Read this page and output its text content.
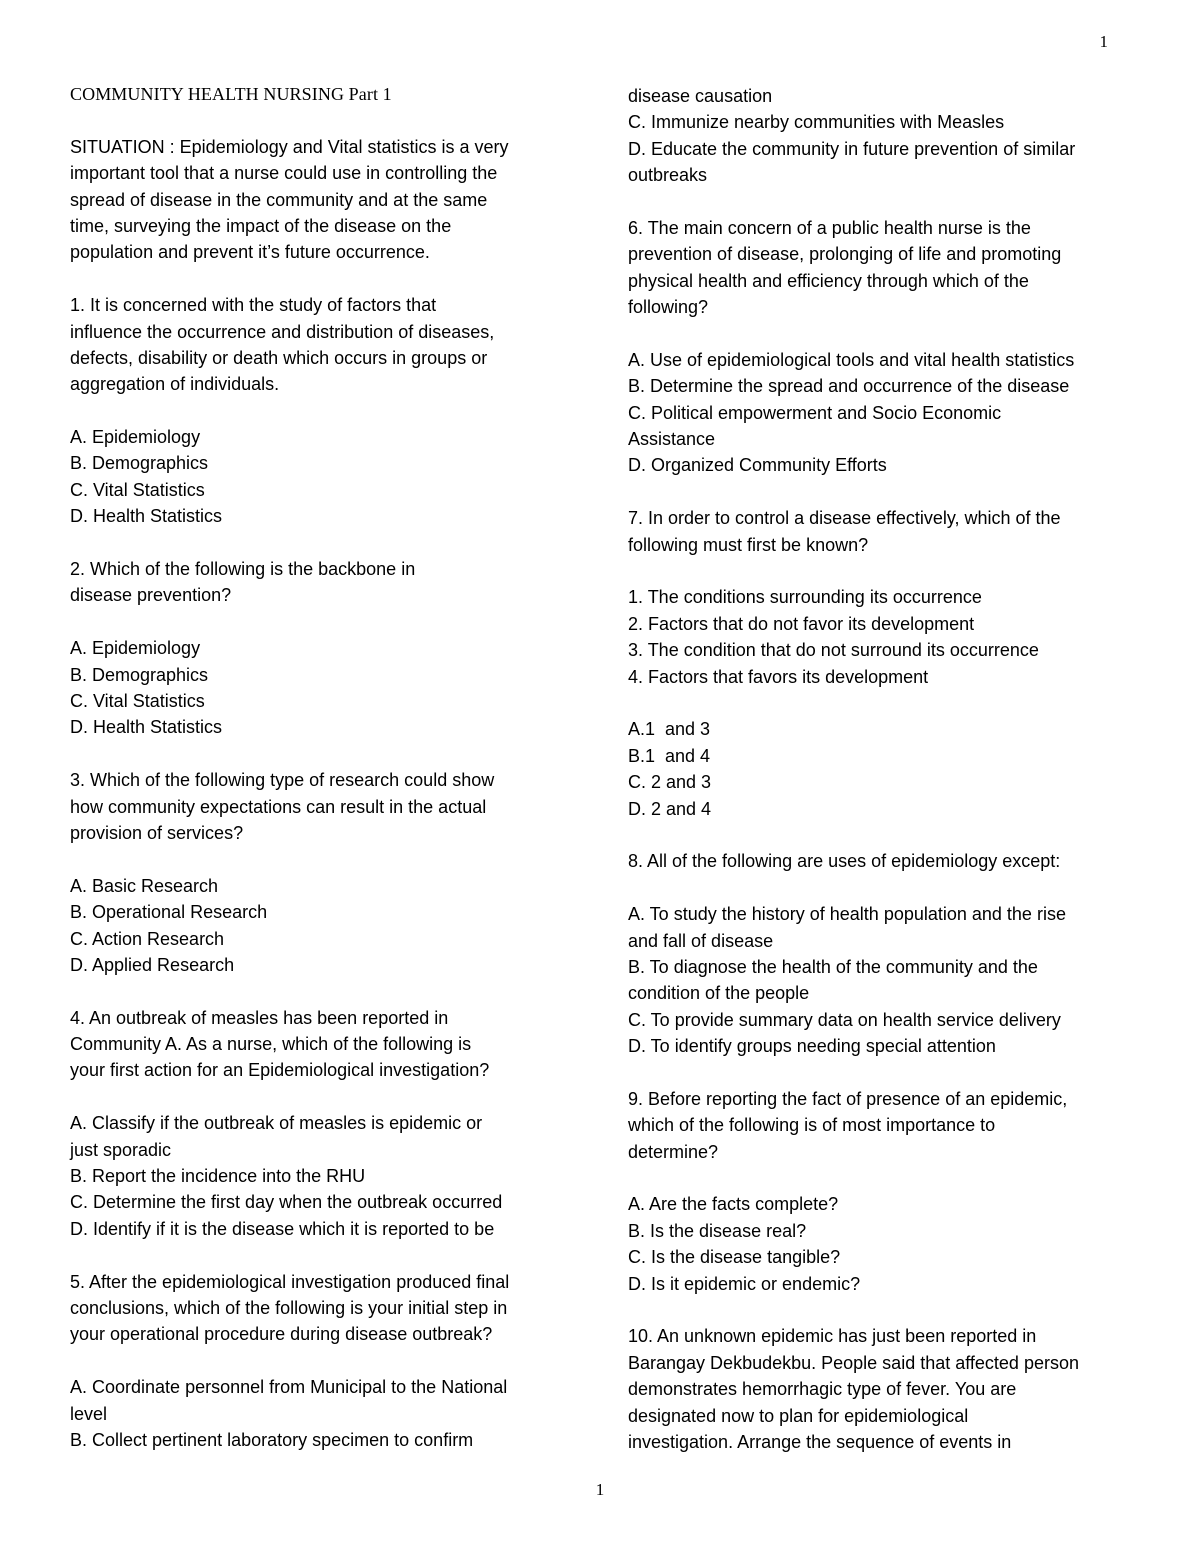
1
COMMUNITY HEALTH NURSING Part 1
SITUATION : Epidemiology and Vital statistics is a very
important tool that a nurse could use in controlling the
spread of disease in the community and at the same
time, surveying the impact of the disease on the
population and prevent it’s future occurrence.
1. It is concerned with the study of factors that
influence the occurrence and distribution of diseases,
defects, disability or death which occurs in groups or
aggregation of individuals.
A. Epidemiology
B. Demographics
C. Vital Statistics
D. Health Statistics
2. Which of the following is the backbone in
disease prevention?
A. Epidemiology
B. Demographics
C. Vital Statistics
D. Health Statistics
3. Which of the following type of research could show
how community expectations can result in the actual
provision of services?
A. Basic Research
B. Operational Research
C. Action Research
D. Applied Research
4. An outbreak of measles has been reported in
Community A. As a nurse, which of the following is
your first action for an Epidemiological investigation?
A. Classify if the outbreak of measles is epidemic or
just sporadic
B. Report the incidence into the RHU
C. Determine the first day when the outbreak occurred
D. Identify if it is the disease which it is reported to be
5. After the epidemiological investigation produced final
conclusions, which of the following is your initial step in
your operational procedure during disease outbreak?
A. Coordinate personnel from Municipal to the National
level
B. Collect pertinent laboratory specimen to confirm
disease causation
C. Immunize nearby communities with Measles
D. Educate the community in future prevention of similar
outbreaks
6. The main concern of a public health nurse is the
prevention of disease, prolonging of life and promoting
physical health and efficiency through which of the
following?
A. Use of epidemiological tools and vital health statistics
B. Determine the spread and occurrence of the disease
C. Political empowerment and Socio Economic
Assistance
D. Organized Community Efforts
7. In order to control a disease effectively, which of the
following must first be known?
1. The conditions surrounding its occurrence
2. Factors that do not favor its development
3. The condition that do not surround its occurrence
4. Factors that favors its development
A.1  and 3
B.1  and 4
C. 2 and 3
D. 2 and 4
8. All of the following are uses of epidemiology except:
A. To study the history of health population and the rise
and fall of disease
B. To diagnose the health of the community and the
condition of the people
C. To provide summary data on health service delivery
D. To identify groups needing special attention
9. Before reporting the fact of presence of an epidemic,
which of the following is of most importance to
determine?
A. Are the facts complete?
B. Is the disease real?
C. Is the disease tangible?
D. Is it epidemic or endemic?
10. An unknown epidemic has just been reported in
Barangay Dekbudekbu. People said that affected person
demonstrates hemorrhagic type of fever. You are
designated now to plan for epidemiological
investigation. Arrange the sequence of events in
1
